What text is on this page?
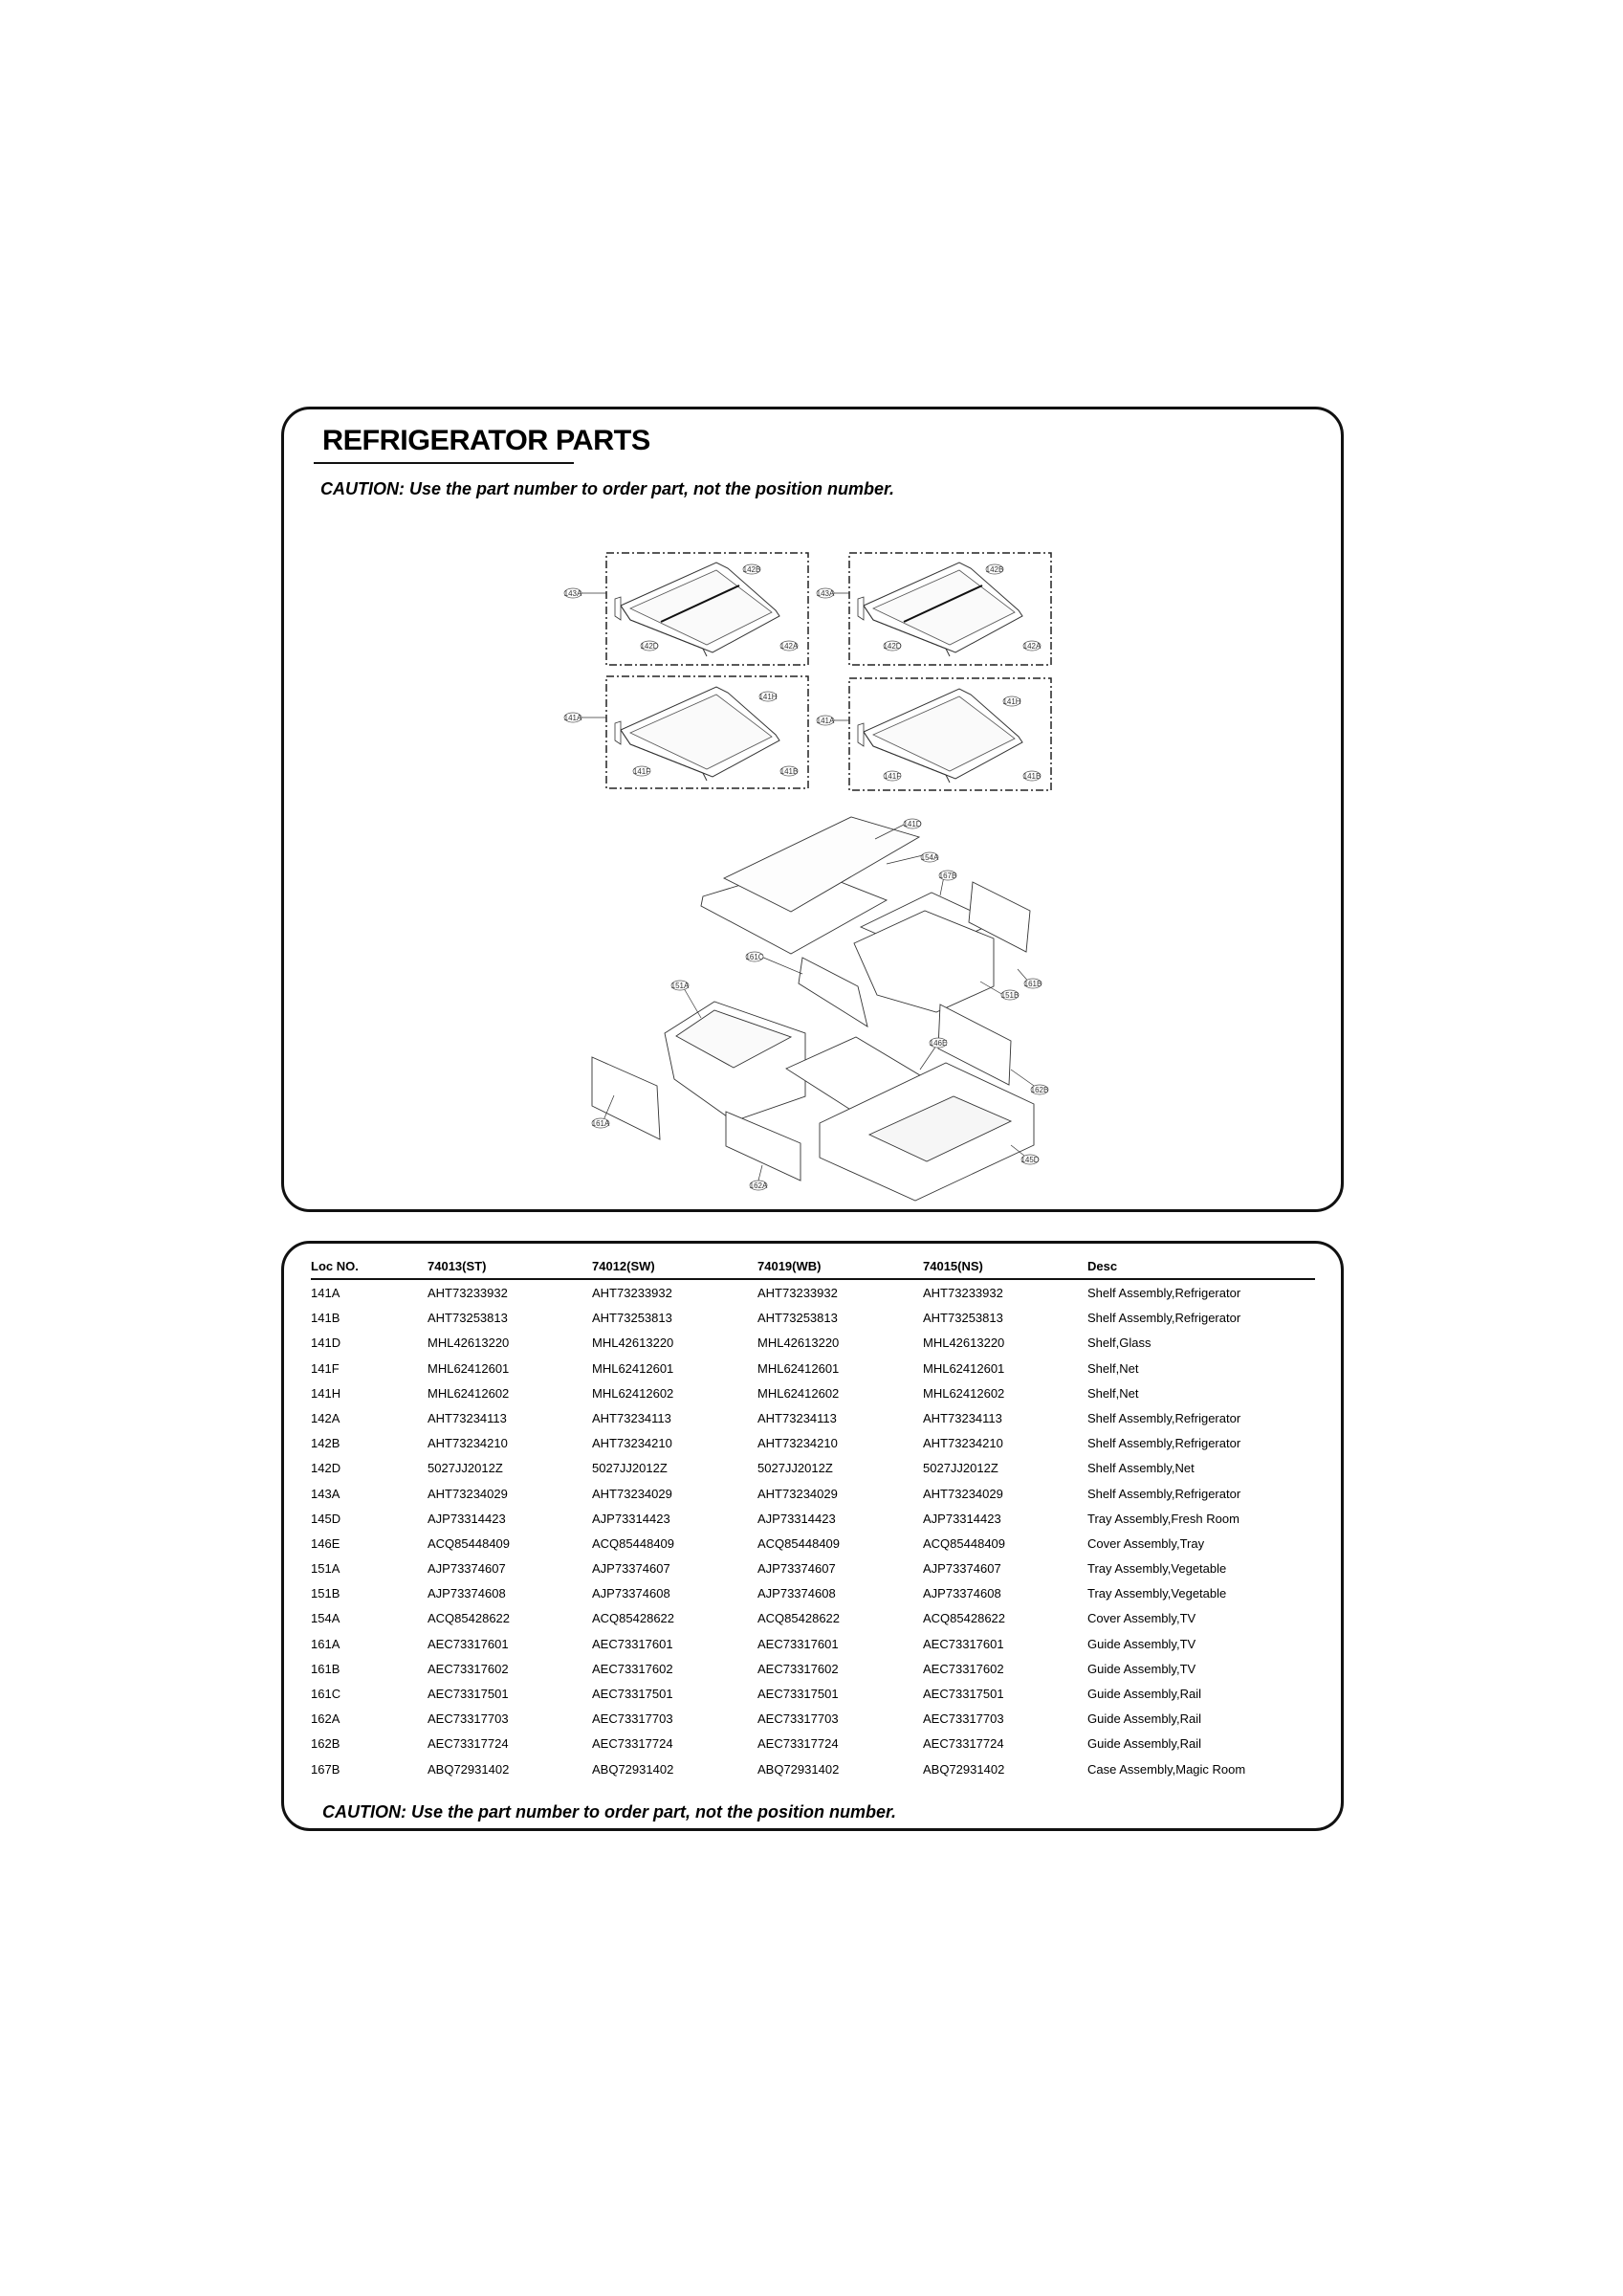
REFRIGERATOR PARTS
CAUTION: Use the part number to order part, not the position number.
143A
142B
142D	142A
143A
142B
142D	142A
141A
141H
141F	141B
141A
141H
141F	141B
141D
154A
167B
161C
151A	161B
151B
146E
162B
161A
145D
162A
Loc NO.	74013(ST)	74012(SW)	74019(WB)	74015(NS)	Desc
141A	AHT73233932	AHT73233932	AHT73233932	AHT73233932	Shelf Assembly,Refrigerator
141B	AHT73253813	AHT73253813	AHT73253813	AHT73253813	Shelf Assembly,Refrigerator
141D	MHL42613220	MHL42613220	MHL42613220	MHL42613220	Shelf,Glass
141F	MHL62412601	MHL62412601	MHL62412601	MHL62412601	Shelf,Net
141H	MHL62412602	MHL62412602	MHL62412602	MHL62412602	Shelf,Net
142A	AHT73234113	AHT73234113	AHT73234113	AHT73234113	Shelf Assembly,Refrigerator
142B	AHT73234210	AHT73234210	AHT73234210	AHT73234210	Shelf Assembly,Refrigerator
142D	5027JJ2012Z	5027JJ2012Z	5027JJ2012Z	5027JJ2012Z	Shelf Assembly,Net
143A	AHT73234029	AHT73234029	AHT73234029	AHT73234029	Shelf Assembly,Refrigerator
145D	AJP73314423	AJP73314423	AJP73314423	AJP73314423	Tray Assembly,Fresh Room
146E	ACQ85448409	ACQ85448409	ACQ85448409	ACQ85448409	Cover Assembly,Tray
151A	AJP73374607	AJP73374607	AJP73374607	AJP73374607	Tray Assembly,Vegetable
151B	AJP73374608	AJP73374608	AJP73374608	AJP73374608	Tray Assembly,Vegetable
154A	ACQ85428622	ACQ85428622	ACQ85428622	ACQ85428622	Cover Assembly,TV
161A	AEC73317601	AEC73317601	AEC73317601	AEC73317601	Guide Assembly,TV
161B	AEC73317602	AEC73317602	AEC73317602	AEC73317602	Guide Assembly,TV
161C	AEC73317501	AEC73317501	AEC73317501	AEC73317501	Guide Assembly,Rail
162A	AEC73317703	AEC73317703	AEC73317703	AEC73317703	Guide Assembly,Rail
162B	AEC73317724	AEC73317724	AEC73317724	AEC73317724	Guide Assembly,Rail
167B	ABQ72931402	ABQ72931402	ABQ72931402	ABQ72931402	Case Assembly,Magic Room
CAUTION: Use the part number to order part, not the position number.
